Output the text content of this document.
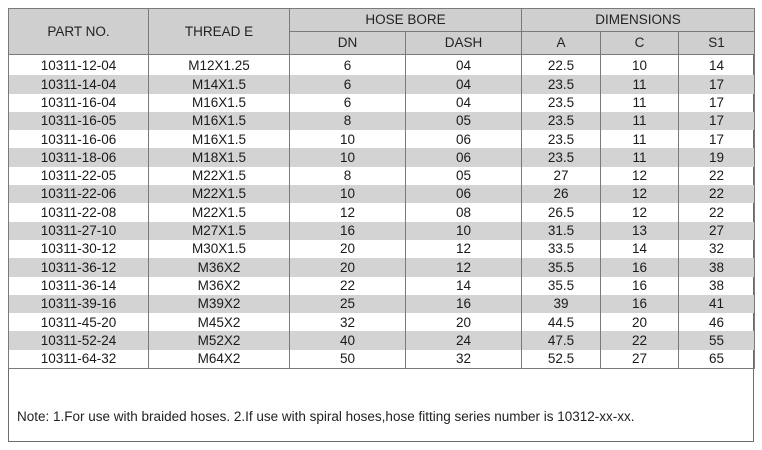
PART NO.	THREAD E	HOSE BORE		DIMENSIONS		
		DN	DASH	A	C	S1
10311-12-04	M12X1.25	6	04	22.5	10	14
10311-14-04	M14X1.5	6	04	23.5	11	17
10311-16-04	M16X1.5	6	04	23.5	11	17
10311-16-05	M16X1.5	8	05	23.5	11	17
10311-16-06	M16X1.5	10	06	23.5	11	17
10311-18-06	M18X1.5	10	06	23.5	11	19
10311-22-05	M22X1.5	8	05	27	12	22
10311-22-06	M22X1.5	10	06	26	12	22
10311-22-08	M22X1.5	12	08	26.5	12	22
10311-27-10	M27X1.5	16	10	31.5	13	27
10311-30-12	M30X1.5	20	12	33.5	14	32
10311-36-12	M36X2	20	12	35.5	16	38
10311-36-14	M36X2	22	14	35.5	16	38
10311-39-16	M39X2	25	16	39	16	41
10311-45-20	M45X2	32	20	44.5	20	46
10311-52-24	M52X2	40	24	47.5	22	55
10311-64-32	M64X2	50	32	52.5	27	65
Note: 1.For use with braided hoses. 2.If use with spiral hoses,hose fitting series number is 10312-xx-xx.
